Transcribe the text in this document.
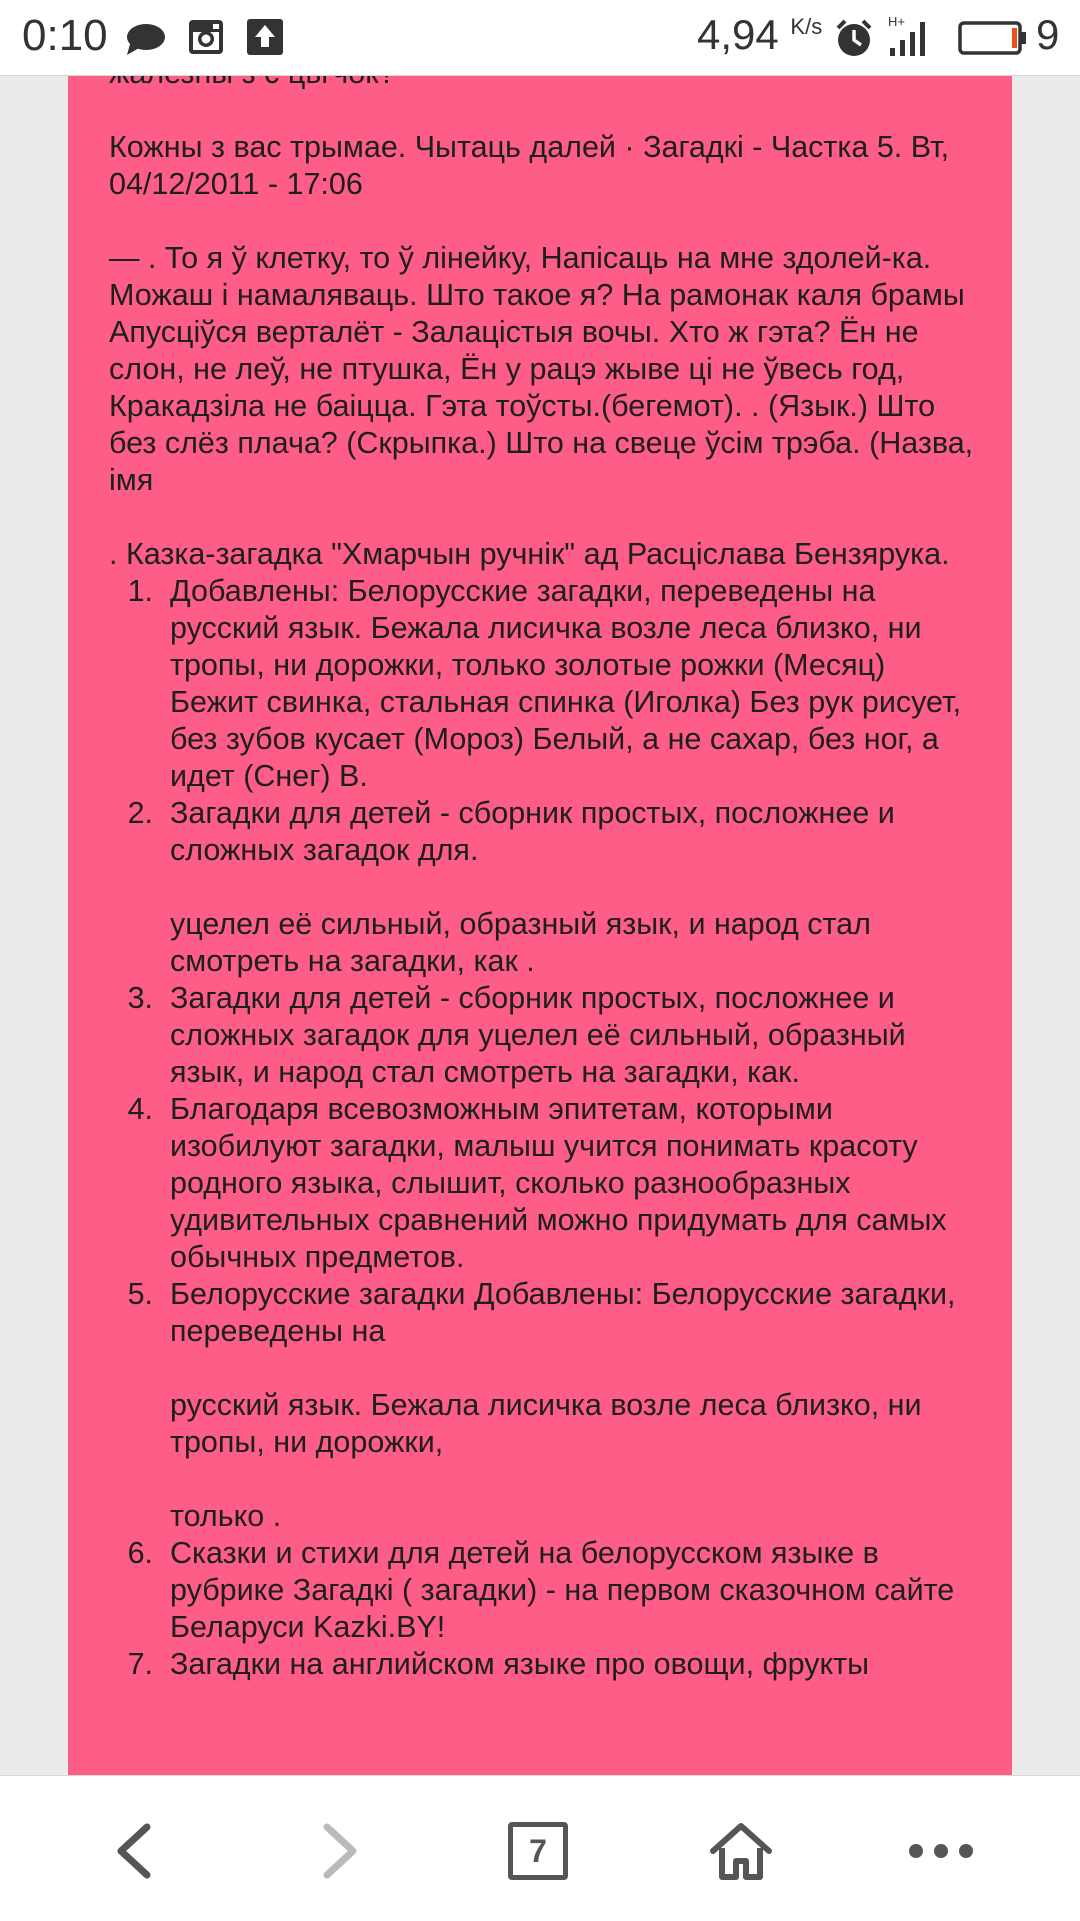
0:10	4,94 $^{K/s}$	H+	9

Кожны з вас трымае. Чытаць далей · Загадкі - Частка 5. Вт, 04/12/2011 - 17:06

— . То я ў клетку, то ў лінейку, Напісаць на мне здолей-ка. Можаш і намаляваць. Што такое я? На рамонак каля брамы Апусціўся верталёт - Залацістыя вочы. Хто ж гэта? Ён не слон, не леў, не птушка, Ён у рацэ жыве ці не ўвесь год, Кракадзіла не баіцца. Гэта тоўсты.(бегемот). . (Язык.) Што без слёз плача? (Скрыпка.) Што на свеце ўсім трэба. (Назва, імя

. Казка-загадка "Хмарчын ручнік" ад Расціслава Бензярука.

1. Добавлены: Белорусские загадки, переведены на русский язык. Бежала лисичка возле леса близко, ни тропы, ни дорожки, только золотые рожки (Месяц) Бежит свинка, стальная спинка (Иголка) Без рук рисует, без зубов кусает (Мороз) Белый, а не сахар, без ног, а идет (Снег) В.
2. Загадки для детей - сборник простых, посложнее и сложных загадок для.
уцелел её сильный, образный язык, и народ стал смотреть на загадки, как .
3. Загадки для детей - сборник простых, посложнее и сложных загадок для уцелел её сильный, образный язык, и народ стал смотреть на загадки, как.
4. Благодаря всевозможным эпитетам, которыми изобилуют загадки, малыш учится понимать красоту родного языка, слышит, сколько разнообразных удивительных сравнений можно придумать для самых обычных предметов.
5. Белорусские загадки Добавлены: Белорусские загадки, переведены на
русский язык. Бежала лисичка возле леса близко, ни тропы, ни дорожки,
только .
6. Сказки и стихи для детей на белорусском языке в рубрике Загадкі ( загадки) - на первом сказочном сайте Беларуси Kazki.BY!
7. Загадки на английском языке про овощи, фрукты
7
